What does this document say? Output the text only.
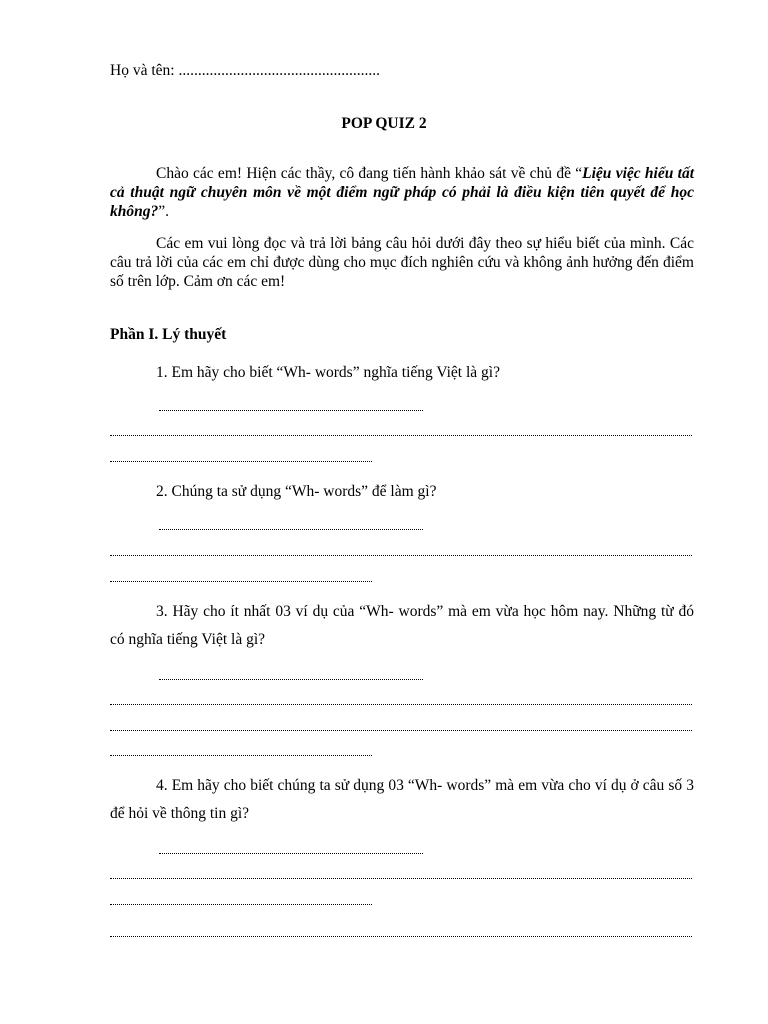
Họ và tên: ....................................................
POP QUIZ 2
Chào các em! Hiện các thầy, cô đang tiến hành khảo sát về chủ đề “Liệu việc hiểu tất cả thuật ngữ chuyên môn về một điểm ngữ pháp có phải là điều kiện tiên quyết để học không?”.
Các em vui lòng đọc và trả lời bảng câu hỏi dưới đây theo sự hiểu biết của mình. Các câu trả lời của các em chỉ được dùng cho mục đích nghiên cứu và không ảnh hưởng đến điểm số trên lớp. Cảm ơn các em!
Phần I. Lý thuyết
1. Em hãy cho biết “Wh- words” nghĩa tiếng Việt là gì?
2. Chúng ta sử dụng “Wh- words” để làm gì?
3. Hãy cho ít nhất 03 ví dụ của “Wh- words” mà em vừa học hôm nay. Những từ đó có nghĩa tiếng Việt là gì?
4. Em hãy cho biết chúng ta sử dụng 03 “Wh- words” mà em vừa cho ví dụ ở câu số 3 để hỏi về thông tin gì?
